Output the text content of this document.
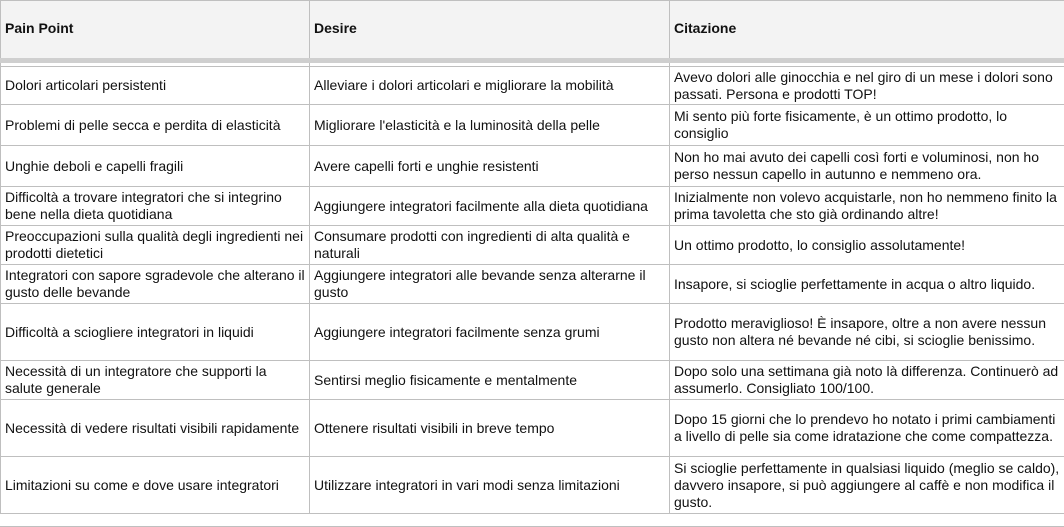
Pain Point	Desire	Citazione

Dolori articolari persistenti	Alleviare i dolori articolari e migliorare la mobilità	Avevo dolori alle ginocchia e nel giro di un mese i dolori sono passati. Persona e prodotti TOP!
Problemi di pelle secca e perdita di elasticità	Migliorare l'elasticità e la luminosità della pelle	Mi sento più forte fisicamente, è un ottimo prodotto, lo consiglio
Unghie deboli e capelli fragili	Avere capelli forti e unghie resistenti	Non ho mai avuto dei capelli così forti e voluminosi, non ho perso nessun capello in autunno e nemmeno ora.
Difficoltà a trovare integratori che si integrino bene nella dieta quotidiana	Aggiungere integratori facilmente alla dieta quotidiana	Inizialmente non volevo acquistarle, non ho nemmeno finito la prima tavoletta che sto già ordinando altre!
Preoccupazioni sulla qualità degli ingredienti nei prodotti dietetici	Consumare prodotti con ingredienti di alta qualità e naturali	Un ottimo prodotto, lo consiglio assolutamente!
Integratori con sapore sgradevole che alterano il gusto delle bevande	Aggiungere integratori alle bevande senza alterarne il gusto	Insapore, si scioglie perfettamente in acqua o altro liquido.
Difficoltà a sciogliere integratori in liquidi	Aggiungere integratori facilmente senza grumi	Prodotto meraviglioso! È insapore, oltre a non avere nessun gusto non altera né bevande né cibi, si scioglie benissimo.
Necessità di un integratore che supporti la salute generale	Sentirsi meglio fisicamente e mentalmente	Dopo solo una settimana già noto là differenza. Continuerò ad assumerlo. Consigliato 100/100.
Necessità di vedere risultati visibili rapidamente	Ottenere risultati visibili in breve tempo	Dopo 15 giorni che lo prendevo ho notato i primi cambiamenti a livello di pelle sia come idratazione che come compattezza.
Limitazioni su come e dove usare integratori	Utilizzare integratori in vari modi senza limitazioni	Si scioglie perfettamente in qualsiasi liquido (meglio se caldo), davvero insapore, si può aggiungere al caffè e non modifica il gusto.
